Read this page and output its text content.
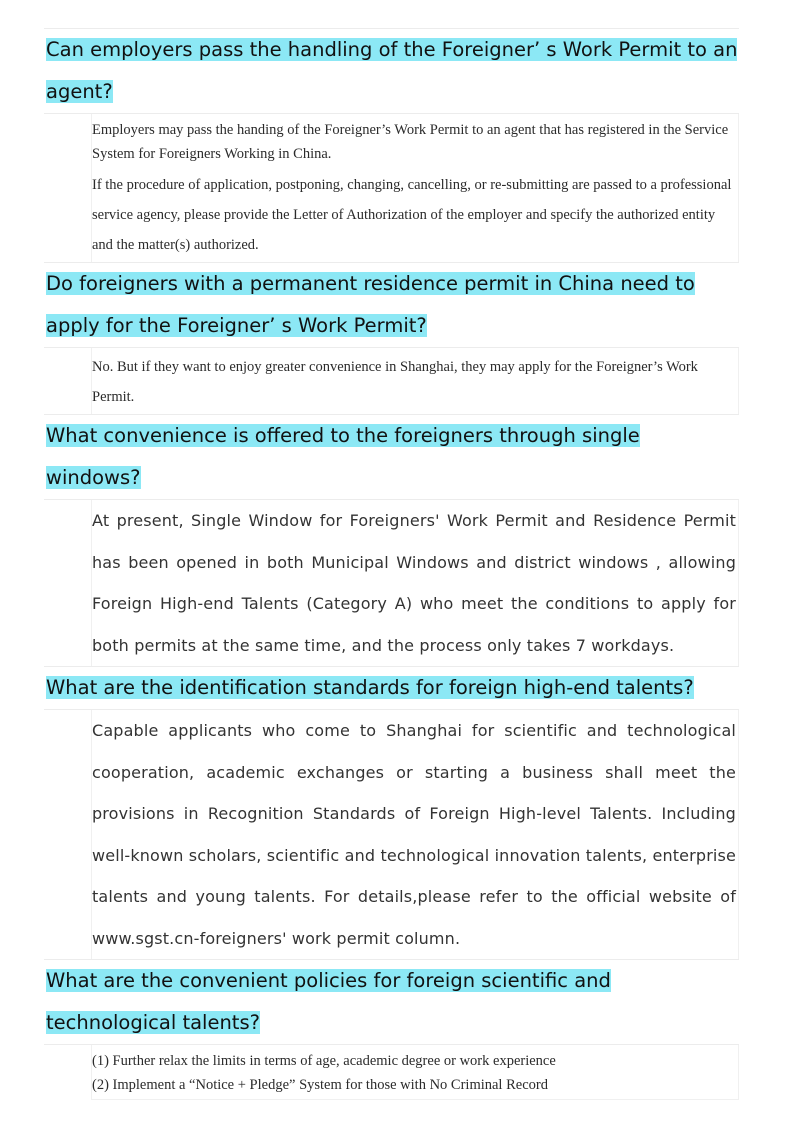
Can employers pass the handling of the Foreigner’ s Work Permit to an agent?

Employers may pass the handing of the Foreigner’s Work Permit to an agent that has registered in the Service System for Foreigners Working in China.

If the procedure of application, postponing, changing, cancelling, or re-submitting are passed to a professional service agency, please provide the Letter of Authorization of the employer and specify the authorized entity and the matter(s) authorized.

Do foreigners with a permanent residence permit in China need to apply for the Foreigner’ s Work Permit?

No. But if they want to enjoy greater convenience in Shanghai, they may apply for the Foreigner’s Work Permit.

What convenience is offered to the foreigners through single windows?

At present, Single Window for Foreigners' Work Permit and Residence Permit has been opened in both Municipal Windows and district windows , allowing Foreign High-end Talents (Category A) who meet the conditions to apply for both permits at the same time, and the process only takes 7 workdays.

What are the identification standards for foreign high-end talents?

Capable applicants who come to Shanghai for scientific and technological cooperation, academic exchanges or starting a business shall meet the provisions in Recognition Standards of Foreign High-level Talents. Including well-known scholars, scientific and technological innovation talents, enterprise talents and young talents. For details,please refer to the official website of www.sgst.cn-foreigners' work permit column.

What are the convenient policies for foreign scientific and technological talents?

(1) Further relax the limits in terms of age, academic degree or work experience

(2) Implement a “Notice + Pledge” System for those with No Criminal Record
